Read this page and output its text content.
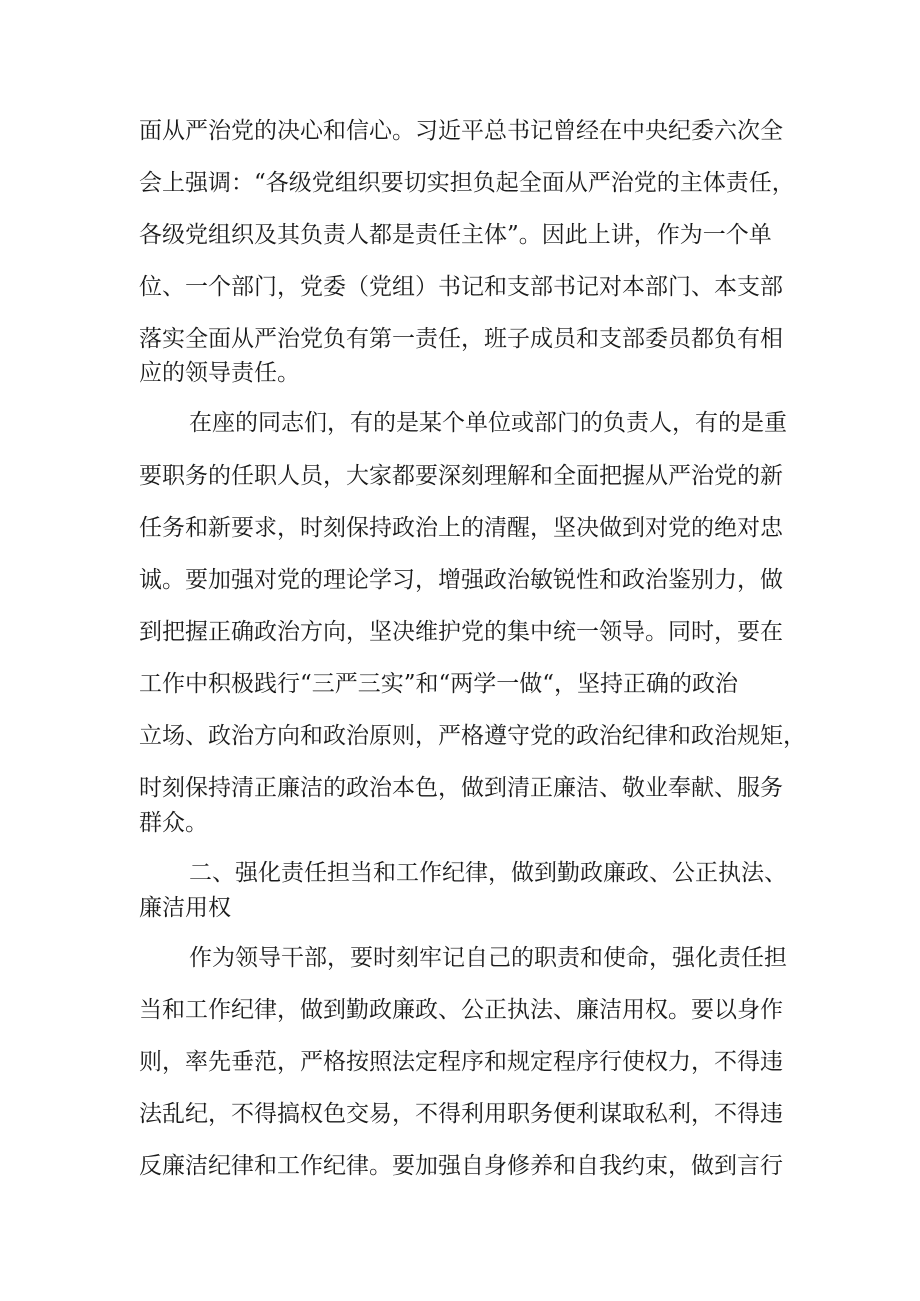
面从严治党的决心和信心。习近平总书记曾经在中央纪委六次全
会上强调：“各级党组织要切实担负起全面从严治党的主体责任，
各级党组织及其负责人都是责任主体”。因此上讲，作为一个单
位、一个部门，党委（党组）书记和支部书记对本部门、本支部
落实全面从严治党负有第一责任，班子成员和支部委员都负有相
应的领导责任。
在座的同志们，有的是某个单位或部门的负责人，有的是重
要职务的任职人员，大家都要深刻理解和全面把握从严治党的新
任务和新要求，时刻保持政治上的清醒，坚决做到对党的绝对忠
诚。要加强对党的理论学习，增强政治敏锐性和政治鉴别力，做
到把握正确政治方向，坚决维护党的集中统一领导。同时，要在
工作中积极践行“三严三实”和“两学一做“，坚持正确的政治
立场、政治方向和政治原则，严格遵守党的政治纪律和政治规矩，
时刻保持清正廉洁的政治本色，做到清正廉洁、敬业奉献、服务
群众。
二、强化责任担当和工作纪律，做到勤政廉政、公正执法、
廉洁用权
作为领导干部，要时刻牢记自己的职责和使命，强化责任担
当和工作纪律，做到勤政廉政、公正执法、廉洁用权。要以身作
则，率先垂范，严格按照法定程序和规定程序行使权力，不得违
法乱纪，不得搞权色交易，不得利用职务便利谋取私利，不得违
反廉洁纪律和工作纪律。要加强自身修养和自我约束，做到言行
